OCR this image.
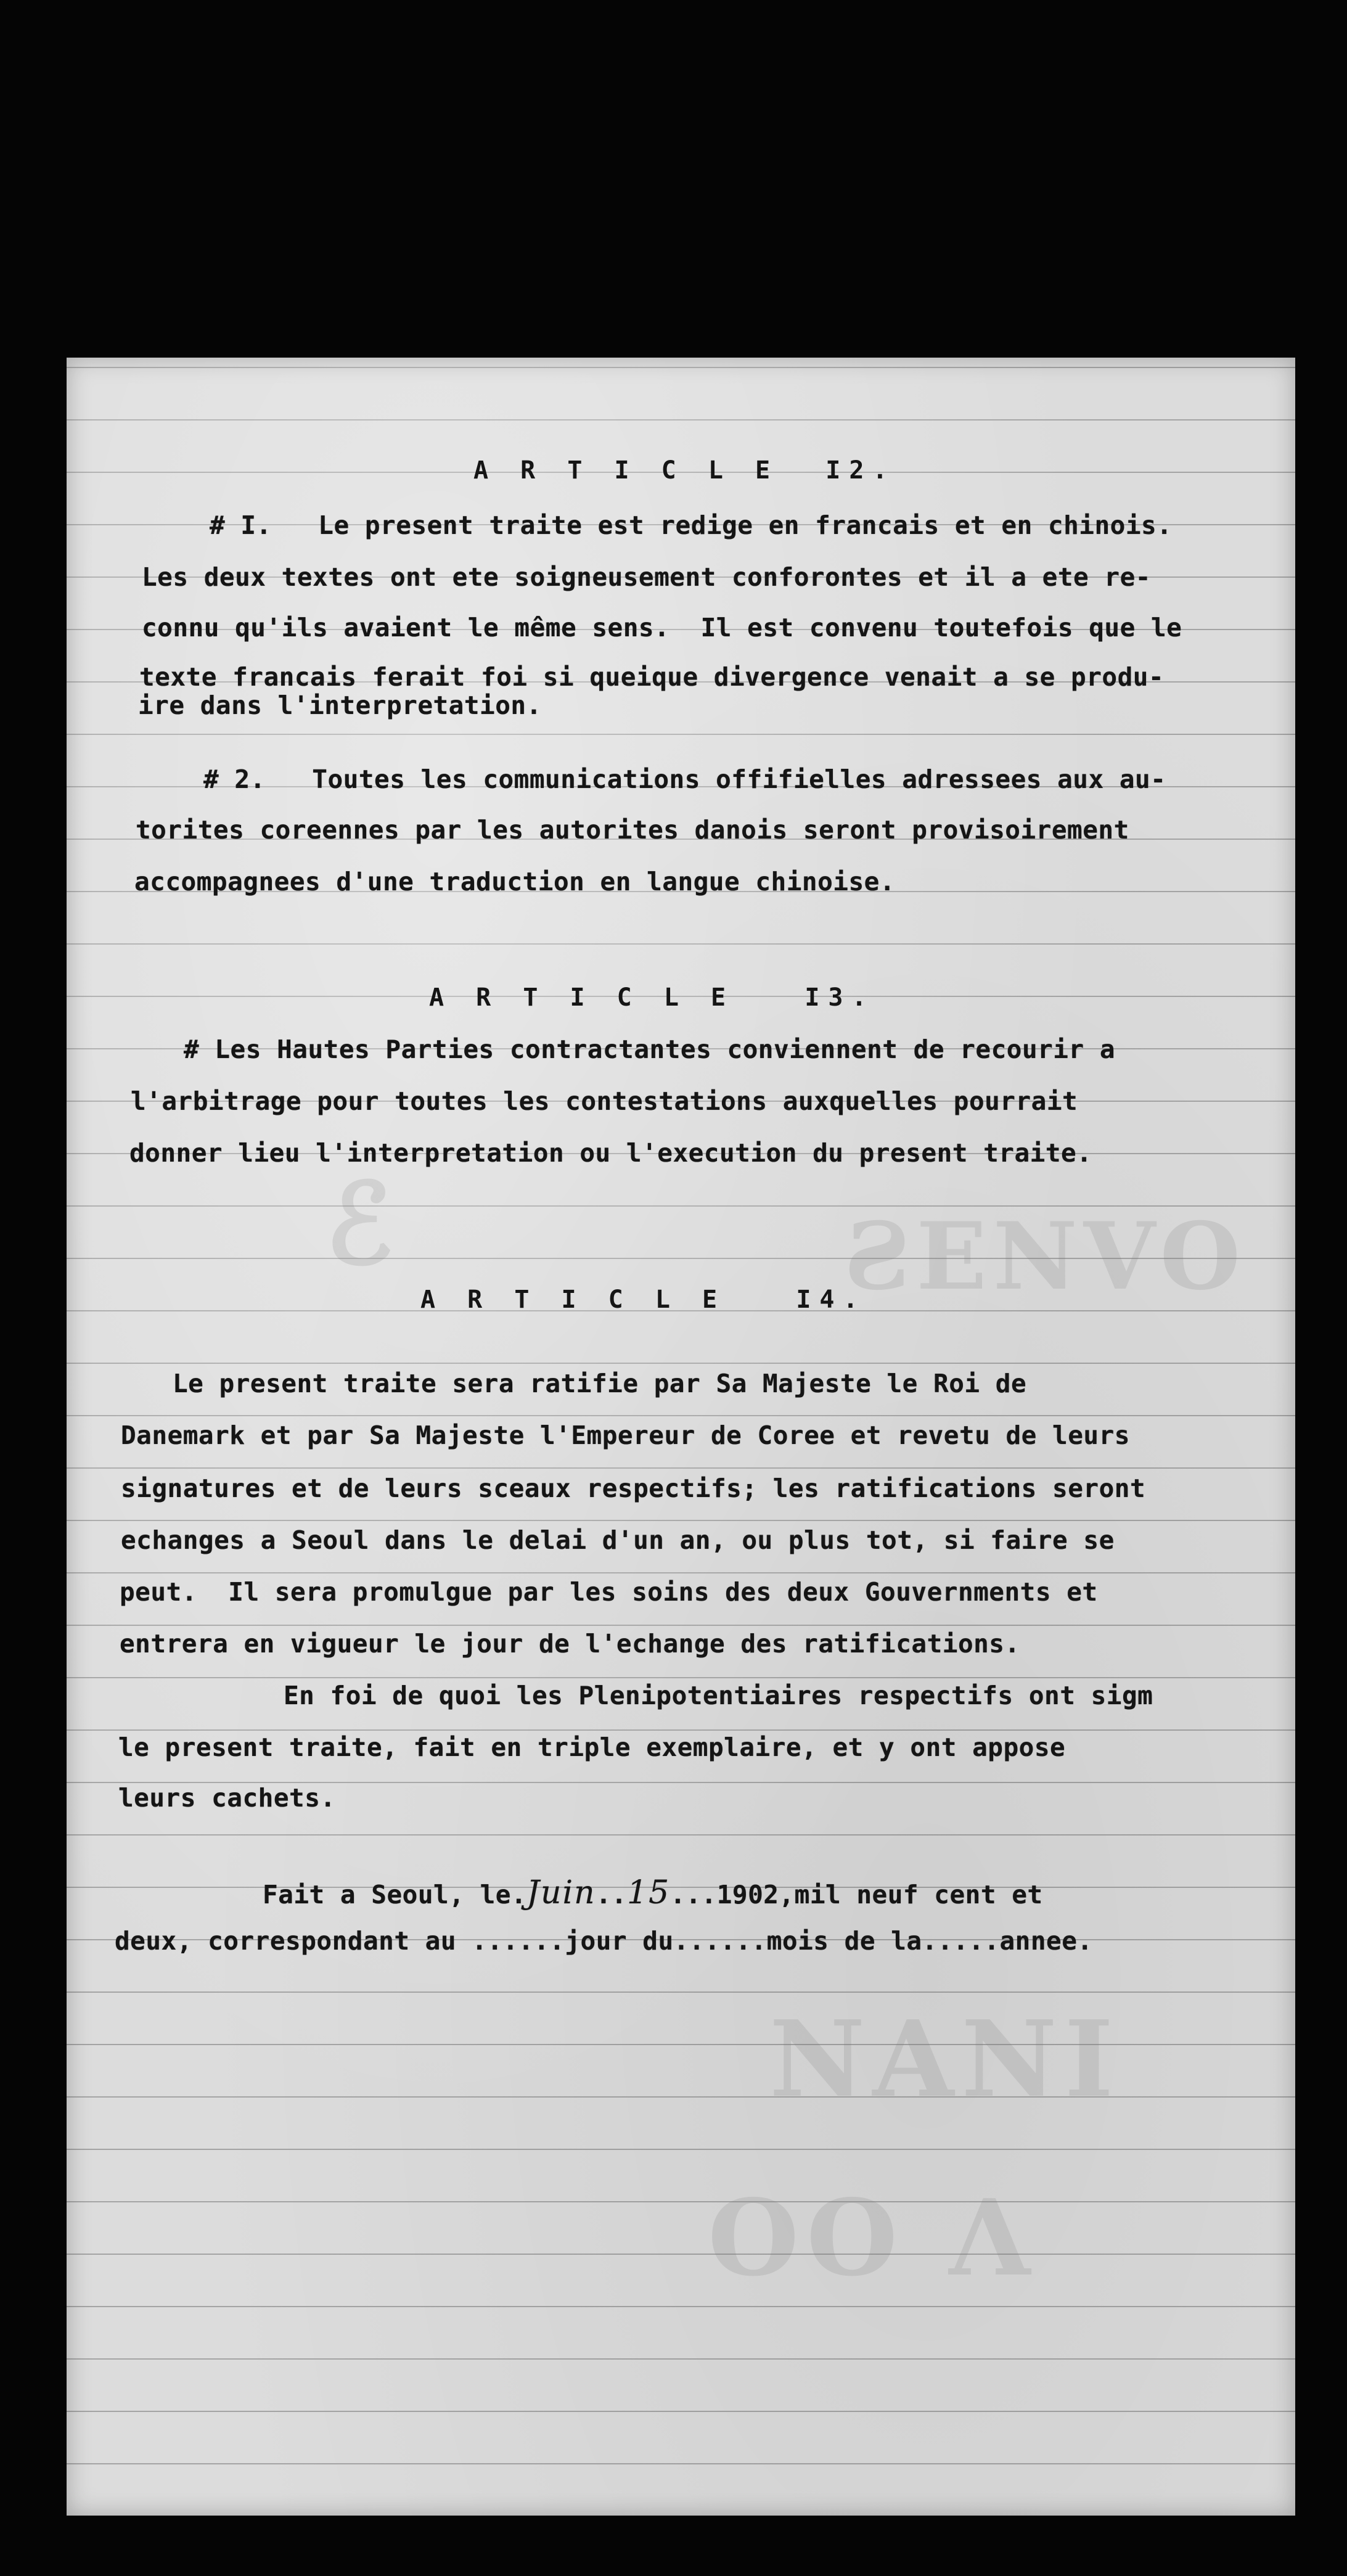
ℰ	ƧENVO
NANI
OO Λ
A R T I C L E  I2.
# I.   Le present traite est redige en francais et en chinois.
Les deux textes ont ete soigneusement conforontes et il a ete re-
connu qu'ils avaient le même sens.  Il est convenu toutefois que le
texte francais ferait foi si queique divergence venait a se produ-
ire dans l'interpretation.
# 2.   Toutes les communications offifielles adressees aux au-
torites coreennes par les autorites danois seront provisoirement
accompagnees d'une traduction en langue chinoise.
A R T I C L E   I3.
# Les Hautes Parties contractantes conviennent de recourir a
l'arbitrage pour toutes les contestations auxquelles pourrait
donner lieu l'interpretation ou l'execution du present traite.
A R T I C L E   I4.
Le present traite sera ratifie par Sa Majeste le Roi de
Danemark et par Sa Majeste l'Empereur de Coree et revetu de leurs
signatures et de leurs sceaux respectifs; les ratifications seront
echanges a Seoul dans le delai d'un an, ou plus tot, si faire se
peut.  Il sera promulgue par les soins des deux Gouvernments et
entrera en vigueur le jour de l'echange des ratifications.
En foi de quoi les Plenipotentiaires respectifs ont sigm
le present traite, fait en triple exemplaire, et y ont appose
leurs cachets.
Fait a Seoul, le.Juin..15...1902,mil neuf cent et
deux, correspondant au ......jour du......mois de la.....annee.
